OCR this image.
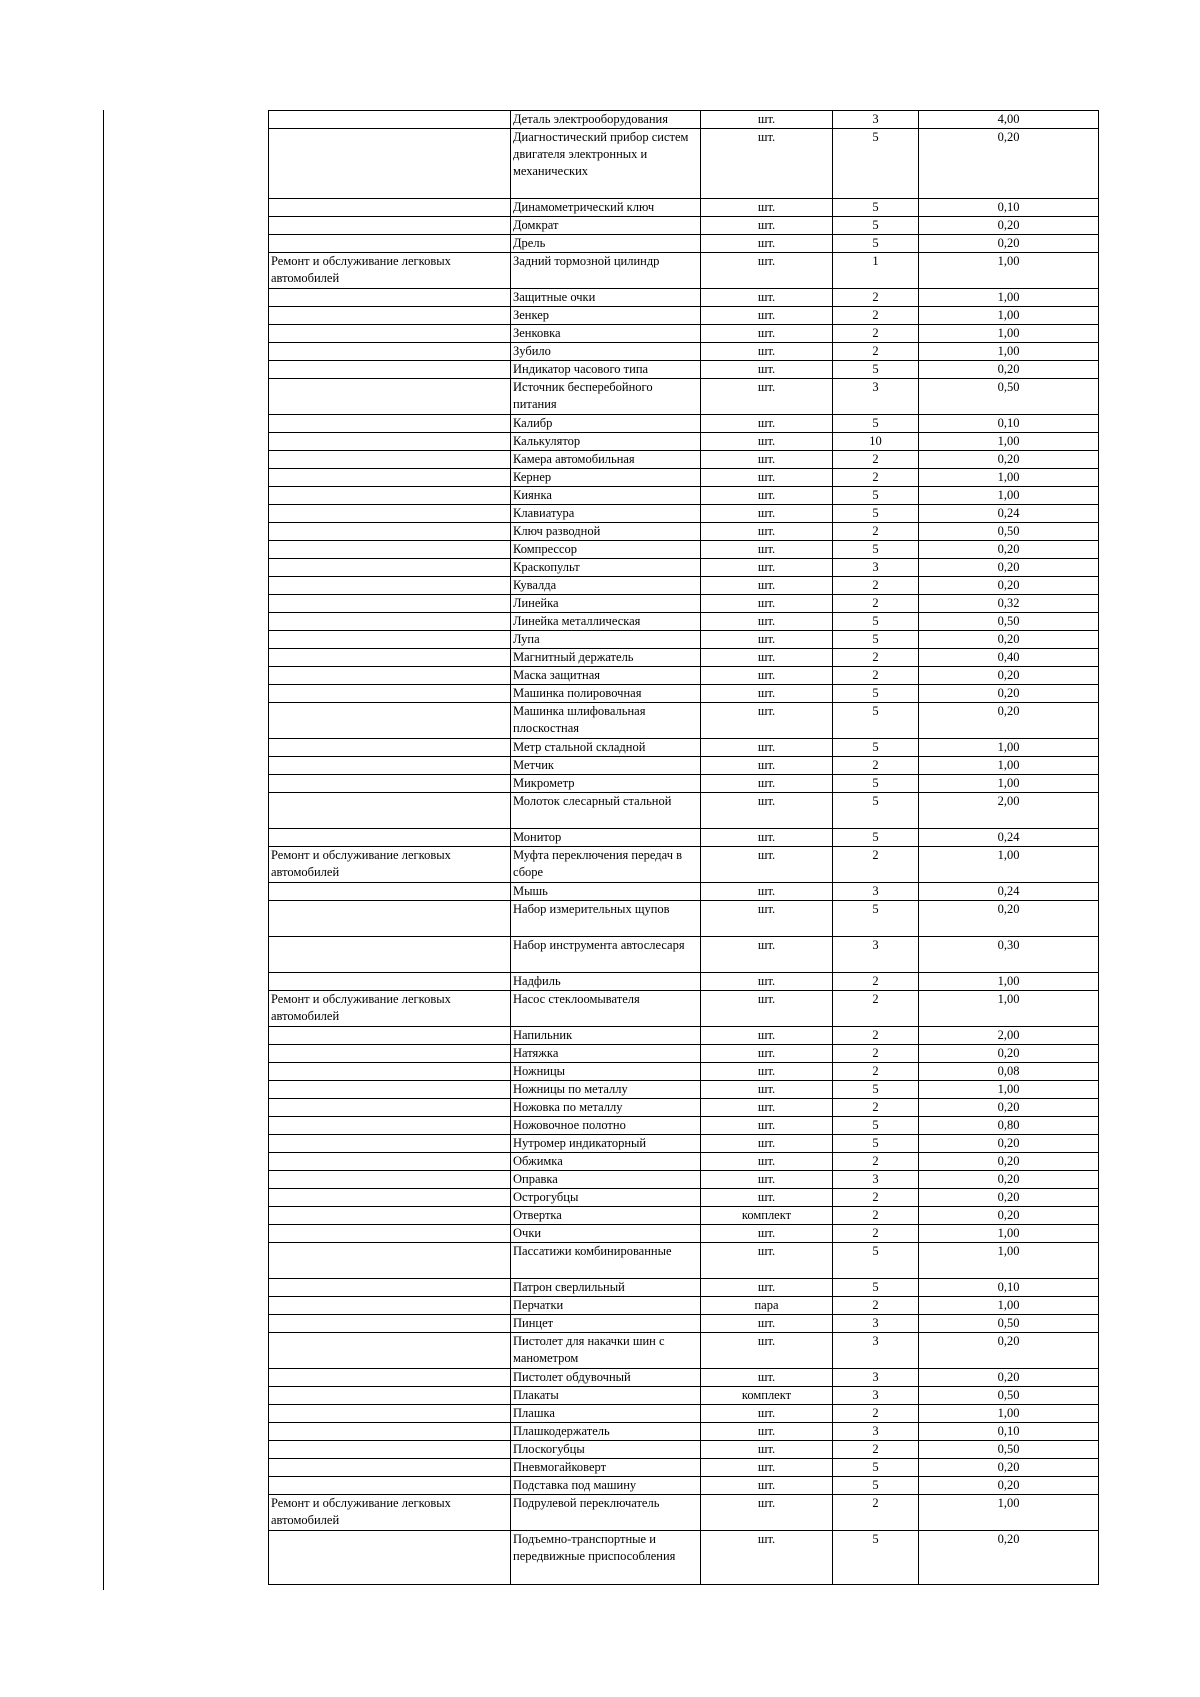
	Деталь электрооборудования	шт.	3	4,00
	Диагностический прибор систем двигателя электронных и механических	шт.	5	0,20
	Динамометрический ключ	шт.	5	0,10
	Домкрат	шт.	5	0,20
	Дрель	шт.	5	0,20
Ремонт и обслуживание легковых автомобилей	Задний тормозной цилиндр	шт.	1	1,00
	Защитные очки	шт.	2	1,00
	Зенкер	шт.	2	1,00
	Зенковка	шт.	2	1,00
	Зубило	шт.	2	1,00
	Индикатор часового типа	шт.	5	0,20
	Источник бесперебойного питания	шт.	3	0,50
	Калибр	шт.	5	0,10
	Калькулятор	шт.	10	1,00
	Камера автомобильная	шт.	2	0,20
	Кернер	шт.	2	1,00
	Киянка	шт.	5	1,00
	Клавиатура	шт.	5	0,24
	Ключ разводной	шт.	2	0,50
	Компрессор	шт.	5	0,20
	Краскопульт	шт.	3	0,20
	Кувалда	шт.	2	0,20
	Линейка	шт.	2	0,32
	Линейка металлическая	шт.	5	0,50
	Лупа	шт.	5	0,20
	Магнитный держатель	шт.	2	0,40
	Маска защитная	шт.	2	0,20
	Машинка полировочная	шт.	5	0,20
	Машинка шлифовальная плоскостная	шт.	5	0,20
	Метр стальной складной	шт.	5	1,00
	Метчик	шт.	2	1,00
	Микрометр	шт.	5	1,00
	Молоток слесарный стальной	шт.	5	2,00
	Монитор	шт.	5	0,24
Ремонт и обслуживание легковых автомобилей	Муфта переключения передач в сборе	шт.	2	1,00
	Мышь	шт.	3	0,24
	Набор измерительных щупов	шт.	5	0,20
	Набор инструмента автослесаря	шт.	3	0,30
	Надфиль	шт.	2	1,00
Ремонт и обслуживание легковых автомобилей	Насос стеклоомывателя	шт.	2	1,00
	Напильник	шт.	2	2,00
	Натяжка	шт.	2	0,20
	Ножницы	шт.	2	0,08
	Ножницы по металлу	шт.	5	1,00
	Ножовка по металлу	шт.	2	0,20
	Ножовочное полотно	шт.	5	0,80
	Нутромер индикаторный	шт.	5	0,20
	Обжимка	шт.	2	0,20
	Оправка	шт.	3	0,20
	Острогубцы	шт.	2	0,20
	Отвертка	комплект	2	0,20
	Очки	шт.	2	1,00
	Пассатижи комбинированные	шт.	5	1,00
	Патрон сверлильный	шт.	5	0,10
	Перчатки	пара	2	1,00
	Пинцет	шт.	3	0,50
	Пистолет для накачки шин с манометром	шт.	3	0,20
	Пистолет обдувочный	шт.	3	0,20
	Плакаты	комплект	3	0,50
	Плашка	шт.	2	1,00
	Плашкодержатель	шт.	3	0,10
	Плоскогубцы	шт.	2	0,50
	Пневмогайковерт	шт.	5	0,20
	Подставка под машину	шт.	5	0,20
Ремонт и обслуживание легковых автомобилей	Подрулевой переключатель	шт.	2	1,00
	Подъемно-транспортные и передвижные приспособления	шт.	5	0,20
